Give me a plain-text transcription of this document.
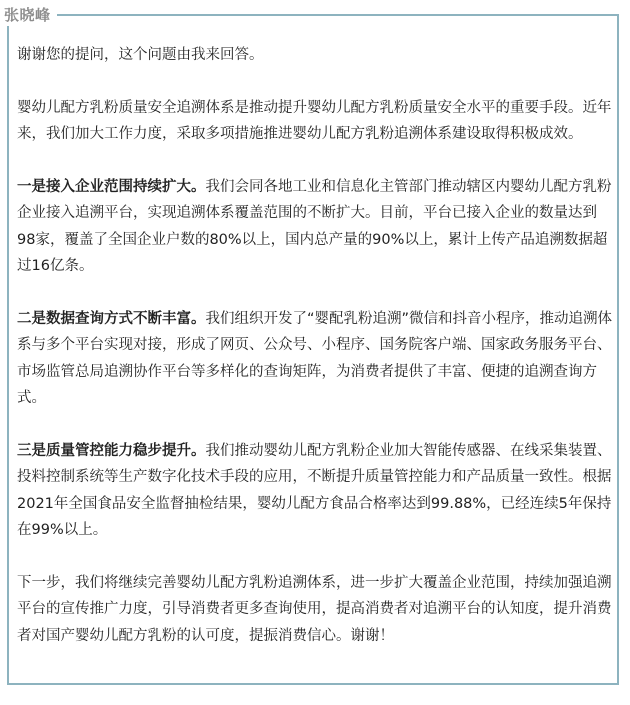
张晓峰

谢谢您的提问，这个问题由我来回答。

婴幼儿配方乳粉质量安全追溯体系是推动提升婴幼儿配方乳粉质量安全水平的重要手段。近年来，我们加大工作力度，采取多项措施推进婴幼儿配方乳粉追溯体系建设取得积极成效。

一是接入企业范围持续扩大。我们会同各地工业和信息化主管部门推动辖区内婴幼儿配方乳粉企业接入追溯平台，实现追溯体系覆盖范围的不断扩大。目前，平台已接入企业的数量达到98家，覆盖了全国企业户数的80%以上，国内总产量的90%以上，累计上传产品追溯数据超过16亿条。

二是数据查询方式不断丰富。我们组织开发了“婴配乳粉追溯”微信和抖音小程序，推动追溯体系与多个平台实现对接，形成了网页、公众号、小程序、国务院客户端、国家政务服务平台、市场监管总局追溯协作平台等多样化的查询矩阵，为消费者提供了丰富、便捷的追溯查询方式。

三是质量管控能力稳步提升。我们推动婴幼儿配方乳粉企业加大智能传感器、在线采集装置、投料控制系统等生产数字化技术手段的应用，不断提升质量管控能力和产品质量一致性。根据2021年全国食品安全监督抽检结果，婴幼儿配方食品合格率达到99.88%，已经连续5年保持在99%以上。

下一步，我们将继续完善婴幼儿配方乳粉追溯体系，进一步扩大覆盖企业范围，持续加强追溯平台的宣传推广力度，引导消费者更多查询使用，提高消费者对追溯平台的认知度，提升消费者对国产婴幼儿配方乳粉的认可度，提振消费信心。谢谢！
